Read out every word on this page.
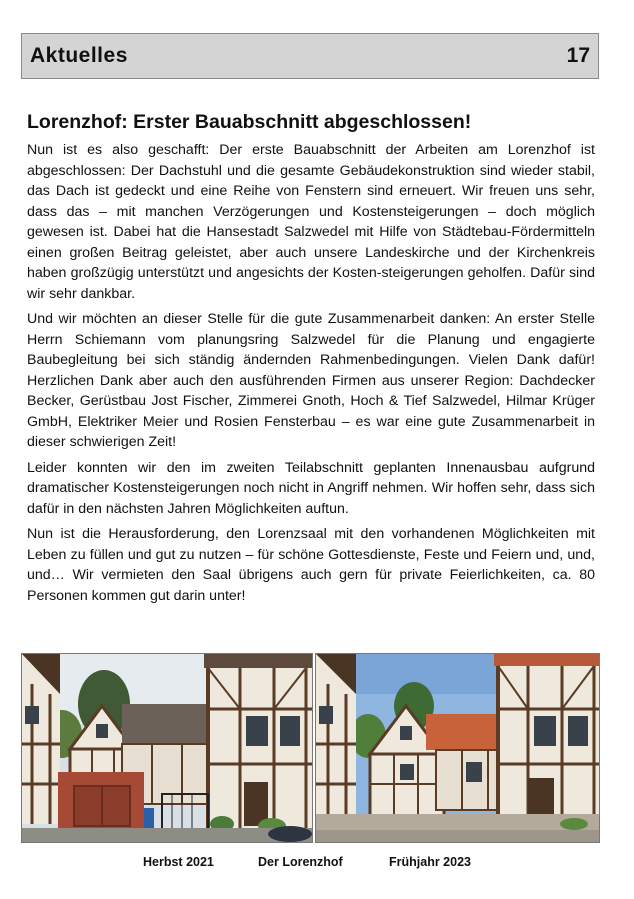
Aktuelles	17
Lorenzhof: Erster Bauabschnitt abgeschlossen!

Nun ist es also geschafft: Der erste Bauabschnitt der Arbeiten am Lorenzhof ist abgeschlossen: Der Dachstuhl und die gesamte Gebäudekonstruktion sind wieder stabil, das Dach ist gedeckt und eine Reihe von Fenstern sind erneuert. Wir freuen uns sehr, dass das – mit manchen Verzögerungen und Kostensteigerungen – doch möglich gewesen ist. Dabei hat die Hansestadt Salzwedel mit Hilfe von Städtebau-Fördermitteln einen großen Beitrag geleistet, aber auch unsere Landeskirche und der Kirchenkreis haben großzügig unterstützt und angesichts der Kosten-steigerungen geholfen. Dafür sind wir sehr dankbar.

Und wir möchten an dieser Stelle für die gute Zusammenarbeit danken: An erster Stelle Herrn Schiemann vom planungsring Salzwedel für die Planung und engagierte Baubegleitung bei sich ständig ändernden Rahmenbedingungen. Vielen Dank dafür! Herzlichen Dank aber auch den ausführenden Firmen aus unserer Region: Dachdecker Becker, Gerüstbau Jost Fischer, Zimmerei Gnoth, Hoch & Tief Salzwedel, Hilmar Krüger GmbH, Elektriker Meier und Rosien Fensterbau – es war eine gute Zusammenarbeit in dieser schwierigen Zeit!

Leider konnten wir den im zweiten Teilabschnitt geplanten Innenausbau aufgrund dramatischer Kostensteigerungen noch nicht in Angriff nehmen. Wir hoffen sehr, dass sich dafür in den nächsten Jahren Möglichkeiten auftun.

Nun ist die Herausforderung, den Lorenzsaal mit den vorhandenen Möglichkeiten mit Leben zu füllen und gut zu nutzen – für schöne Gottesdienste, Feste und Feiern und, und, und… Wir vermieten den Saal übrigens auch gern für private Feierlichkeiten, ca. 80 Personen kommen gut darin unter!

Herbst 2021	Der Lorenzhof	Frühjahr 2023
